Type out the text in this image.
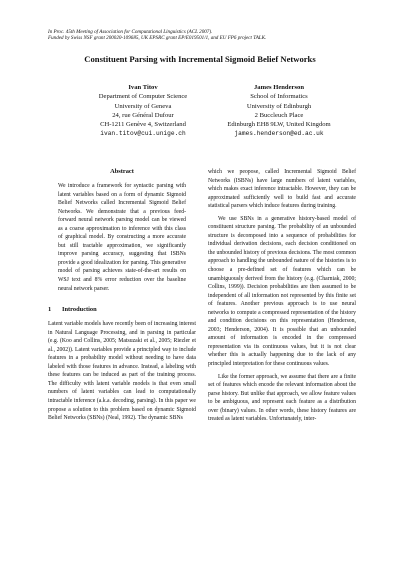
In Proc. 45th Meeting of Association for Computational Linguistics (ACL 2007).
Funded by Swiss NSF grant 200020-109685, UK EPSRC grant EP/E019501/1, and EU FP6 project TALK.
Constituent Parsing with Incremental Sigmoid Belief Networks
Ivan Titov
Department of Computer Science
University of Geneva
24, rue Général Dufour
CH-1211 Genève 4, Switzerland
ivan.titov@cui.unige.ch
James Henderson
School of Informatics
University of Edinburgh
2 Buccleuch Place
Edinburgh EH8 9LW, United Kingdom
james.henderson@ed.ac.uk
Abstract

We introduce a framework for syntactic parsing with latent variables based on a form of dynamic Sigmoid Belief Networks called Incremental Sigmoid Belief Networks. We demonstrate that a previous feed-forward neural network parsing model can be viewed as a coarse approximation to inference with this class of graphical model. By constructing a more accurate but still tractable approximation, we significantly improve parsing accuracy, suggesting that ISBNs provide a good idealization for parsing. This generative model of parsing achieves state-of-the-art results on WSJ text and 8% error reduction over the baseline neural network parser.

1 Introduction

Latent variable models have recently been of increasing interest in Natural Language Processing, and in parsing in particular (e.g. (Koo and Collins, 2005; Matsuzaki et al., 2005; Riezler et al., 2002)). Latent variables provide a principled way to include features in a probability model without needing to have data labeled with those features in advance. Instead, a labeling with these features can be induced as part of the training process. The difficulty with latent variable models is that even small numbers of latent variables can lead to computationally intractable inference (a.k.a. decoding, parsing). In this paper we propose a solution to this problem based on dynamic Sigmoid Belief Networks (SBNs) (Neal, 1992). The dynamic SBNs

which we peopose, called Incremental Sigmoid Belief Networks (ISBNs) have large numbers of latent variables, which makes exact inference intractable. However, they can be approximated sufficiently well to build fast and accurate statistical parsers which induce features during training.

We use SBNs in a generative history-based model of constituent structure parsing. The probability of an unbounded structure is decomposed into a sequence of probabilities for individual derivation decisions, each decision conditioned on the unbounded history of previous decisions. The most common approach to handling the unbounded nature of the histories is to choose a pre-defined set of features which can be unambiguously derived from the history (e.g. (Charniak, 2000; Collins, 1999)). Decision probabilities are then assumed to be independent of all information not represented by this finite set of features. Another previous approach is to use neural networks to compute a compressed representation of the history and condition decisions on this representation (Henderson, 2003; Henderson, 2004). It is possible that an unbounded amount of information is encoded in the compressed representation via its continuous values, but it is not clear whether this is actually happening due to the lack of any principled interpretation for these continuous values.

Like the former approach, we assume that there are a finite set of features which encode the relevant information about the parse history. But unlike that approach, we allow feature values to be ambiguous, and represent each feature as a distribution over (binary) values. In other words, these history features are treated as latent variables. Unfortunately, inter-
